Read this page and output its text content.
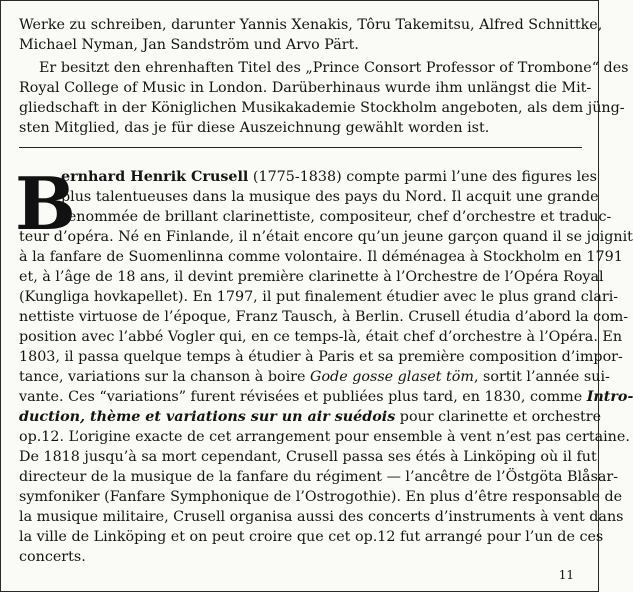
Werke zu schreiben, darunter Yannis Xenakis, Tôru Takemitsu, Alfred Schnittke,
Michael Nyman, Jan Sandström und Arvo Pärt.
Er besitzt den ehrenhaften Titel des „Prince Consort Professor of Trombone“ des
Royal College of Music in London. Darüberhinaus wurde ihm unlängst die Mit-
gliedschaft in der Königlichen Musikakademie Stockholm angeboten, als dem jüng-
sten Mitglied, das je für diese Auszeichnung gewählt worden ist.
B
ernhard Henrik Crusell (1775-1838) compte parmi l’une des figures les
plus talentueuses dans la musique des pays du Nord. Il acquit une grande
renommée de brillant clarinettiste, compositeur, chef d’orchestre et traduc-
teur d’opéra. Né en Finlande, il n’était encore qu’un jeune garçon quand il se joignit
à la fanfare de Suomenlinna comme volontaire. Il déménagea à Stockholm en 1791
et, à l’âge de 18 ans, il devint première clarinette à l’Orchestre de l’Opéra Royal
(Kungliga hovkapellet). En 1797, il put finalement étudier avec le plus grand clari-
nettiste virtuose de l’époque, Franz Tausch, à Berlin. Crusell étudia d’abord la com-
position avec l’abbé Vogler qui, en ce temps-là, était chef d’orchestre à l’Opéra. En
1803, il passa quelque temps à étudier à Paris et sa première composition d’impor-
tance, variations sur la chanson à boire Gode gosse glaset töm, sortit l’année sui-
vante. Ces “variations” furent révisées et publiées plus tard, en 1830, comme Intro-
duction, thème et variations sur un air suédois pour clarinette et orchestre
op.12. L’origine exacte de cet arrangement pour ensemble à vent n’est pas certaine.
De 1818 jusqu’à sa mort cependant, Crusell passa ses étés à Linköping où il fut
directeur de la musique de la fanfare du régiment — l’ancêtre de l’Östgöta Blåsar-
symfoniker (Fanfare Symphonique de l’Ostrogothie). En plus d’être responsable de
la musique militaire, Crusell organisa aussi des concerts d’instruments à vent dans
la ville de Linköping et on peut croire que cet op.12 fut arrangé pour l’un de ces
concerts.
11
